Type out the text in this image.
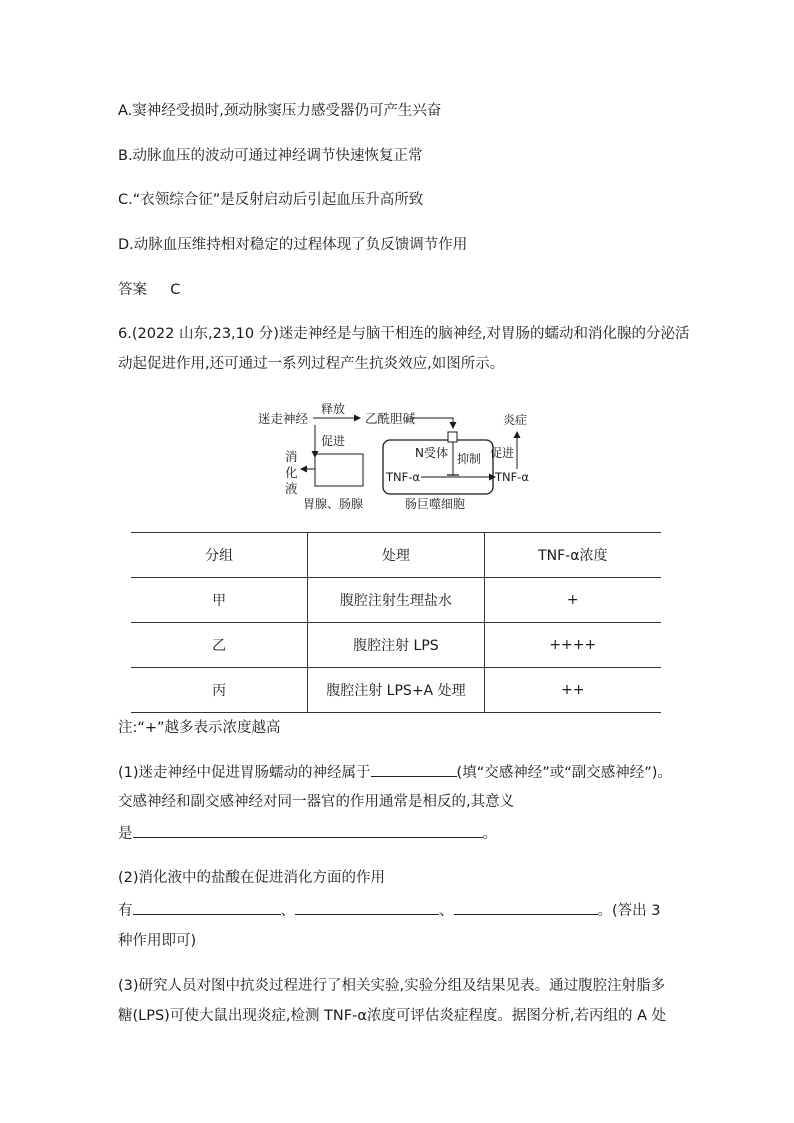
A.窦神经受损时,颈动脉窦压力感受器仍可产生兴奋
B.动脉血压的波动可通过神经调节快速恢复正常
C.“衣领综合征”是反射启动后引起血压升高所致
D.动脉血压维持相对稳定的过程体现了负反馈调节作用
答案 C
6.(2022 山东,23,10 分)迷走神经是与脑干相连的脑神经,对胃肠的蠕动和消化腺的分泌活
动起促进作用,还可通过一系列过程产生抗炎效应,如图所示。
迷走神经
释放
乙酰胆碱
促进
消
化
液
胃腺、肠腺
N受体 抑制
TNF-α	TNF-α
促进
炎症
肠巨噬细胞
分组	处理	TNF-α浓度
甲	腹腔注射生理盐水	+
乙	腹腔注射 LPS	++++
丙	腹腔注射 LPS+A 处理	++
注:“+”越多表示浓度越高
(1)迷走神经中促进胃肠蠕动的神经属于	(填“交感神经”或“副交感神经”)。
交感神经和副交感神经对同一器官的作用通常是相反的,其意义
是	。
(2)消化液中的盐酸在促进消化方面的作用
有	、	、	。(答出 3
种作用即可)
(3)研究人员对图中抗炎过程进行了相关实验,实验分组及结果见表。通过腹腔注射脂多
糖(LPS)可使大鼠出现炎症,检测 TNF-α浓度可评估炎症程度。据图分析,若丙组的 A 处
